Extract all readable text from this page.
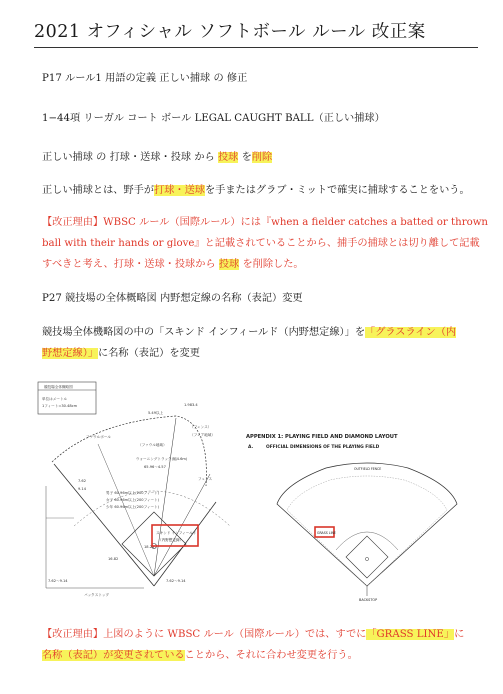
2021 オフィシャル ソフトボール ルール 改正案
P17 ルール1 用語の定義 正しい捕球 の 修正
1−44項 リーガル コート ボール LEGAL CAUGHT BALL（正しい捕球）
正しい捕球 の 打球・送球・投球 から 投球 を削除
正しい捕球とは、野手が打球・送球を手またはグラブ・ミットで確実に捕球することをいう。
【改正理由】WBSC ルール（国際ルール）には『when a fielder catches a batted or thrown
ball with their hands or glove』と記載されていることから、捕手の捕球とは切り離して記載
すべきと考え、打球・送球・投球から 投球 を削除した。
P27 競技場の全体概略図 内野想定線の名称（表記）変更
競技場全体機略図の中の「スキンド インフィールド（内野想定線）」を「グラスライン（内
野想定線）」に名称（表記）を変更
競技場全体概略図
単位はメートル
1フィート=30.48cm
5.49以上
1.983.4
（フェンス）
（フェア地域）
ファウルポール
（ファウル地域）
ウォーニングトラック(幅4.6m)
65.96〜4.57
フェンス
男子 60.96m以上(200フィート)
女子 60.96m以上(200フィート)
少年 60.96m以上(200フィート)
7.62
9.14
18.28
16.82
7.62〜9.14	7.62〜9.14
バックストップ
スキンド インフィールド
（内野想定線）
APPENDIX 1: PLAYING FIELD AND DIAMOND LAYOUT
A.	OFFICIAL DIMENSIONS OF THE PLAYING FIELD
BACKSTOP
OUTFIELD FENCE
GRASS LINE
【改正理由】上図のように WBSC ルール（国際ルール）では、すでに「GRASS LINE」に
名称（表記）が変更されていることから、それに合わせ変更を行う。
